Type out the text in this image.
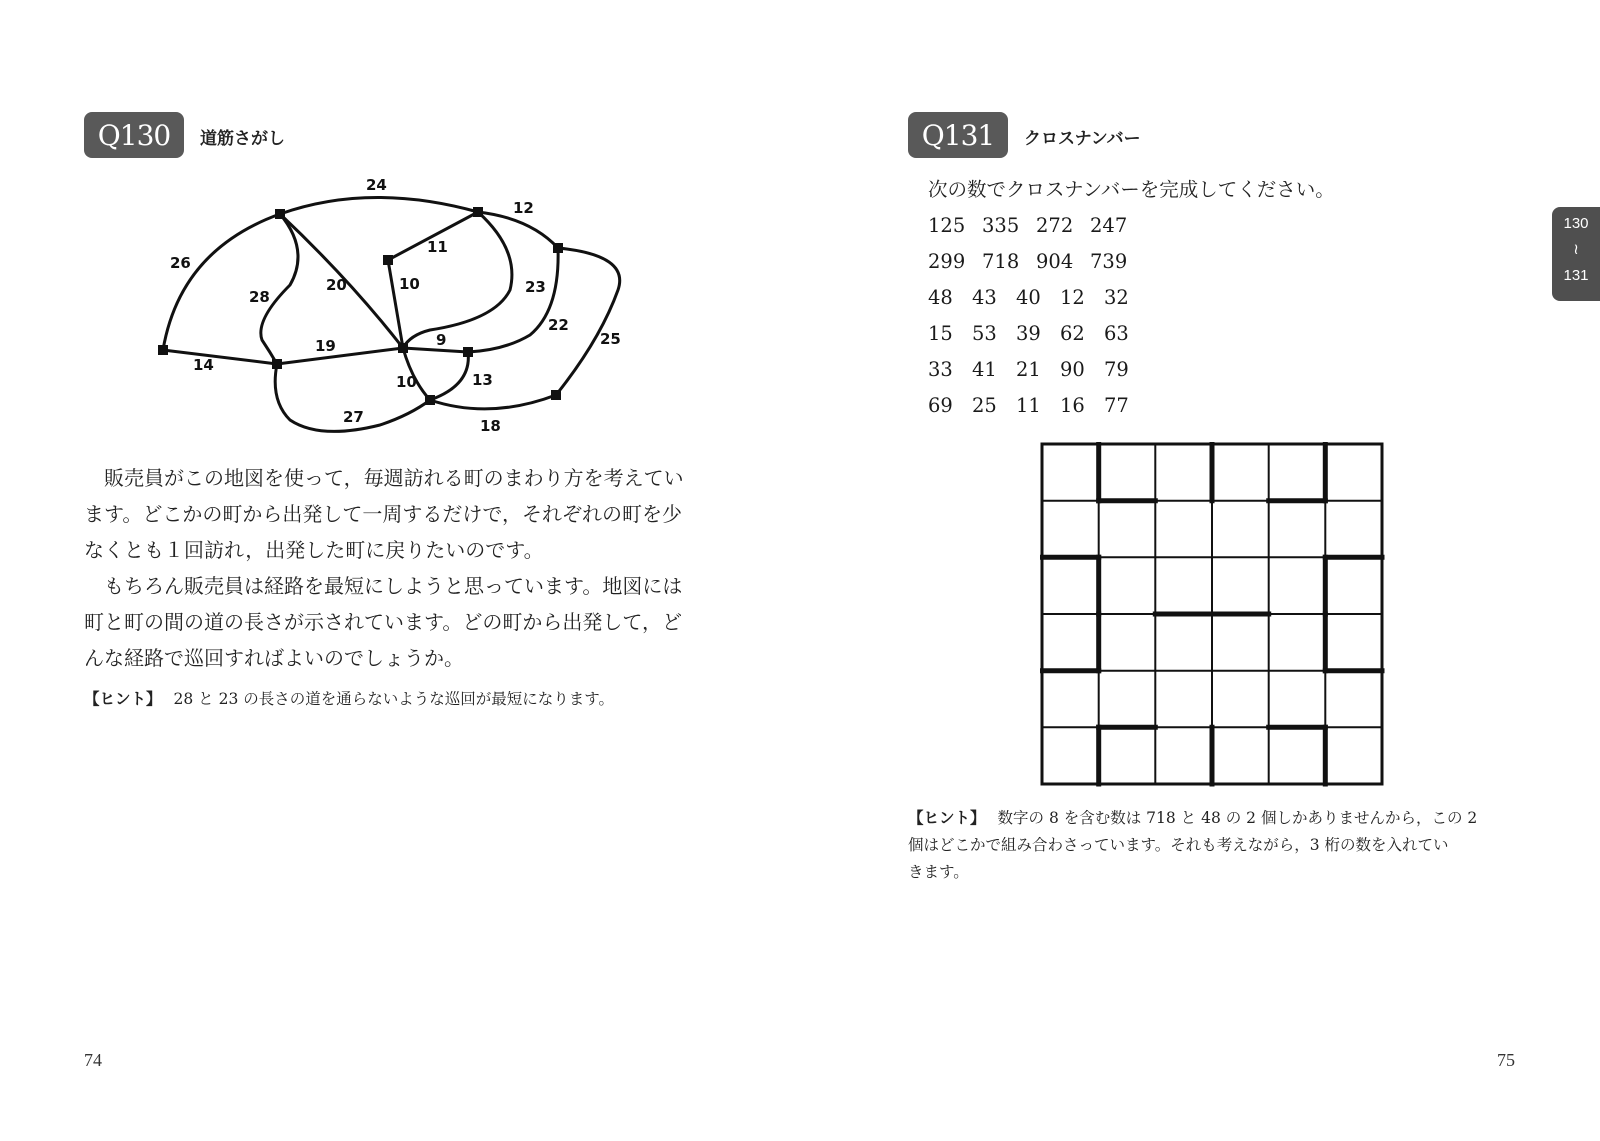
Q130	道筋さがし
24
12
26
11
28
20	10	23
22
25
19	9
14
10	13
27	18

販売員がこの地図を使って，毎週訪れる町のまわり方を考えてい

ます。どこかの町から出発して一周するだけで，それぞれの町を少

なくとも１回訪れ，出発した町に戻りたいのです。

もちろん販売員は経路を最短にしようと思っています。地図には

町と町の間の道の長さが示されています。どの町から出発して，ど

んな経路で巡回すればよいのでしょうか。

【ヒント】 28 と 23 の長さの道を通らないような巡回が最短になります。
74
Q131	クロスナンバー
次の数でクロスナンバーを完成してください。
125 335 272 247
299 718 904 739
48 43 40 12 32
15 53 39 62 63
33 41 21 90 79
69 25 11 16 77
【ヒント】 数字の 8 を含む数は 718 と 48 の 2 個しかありませんから，この 2
個はどこかで組み合わさっています。それも考えながら，3 桁の数を入れてい
きます。
75
130
≀
131
